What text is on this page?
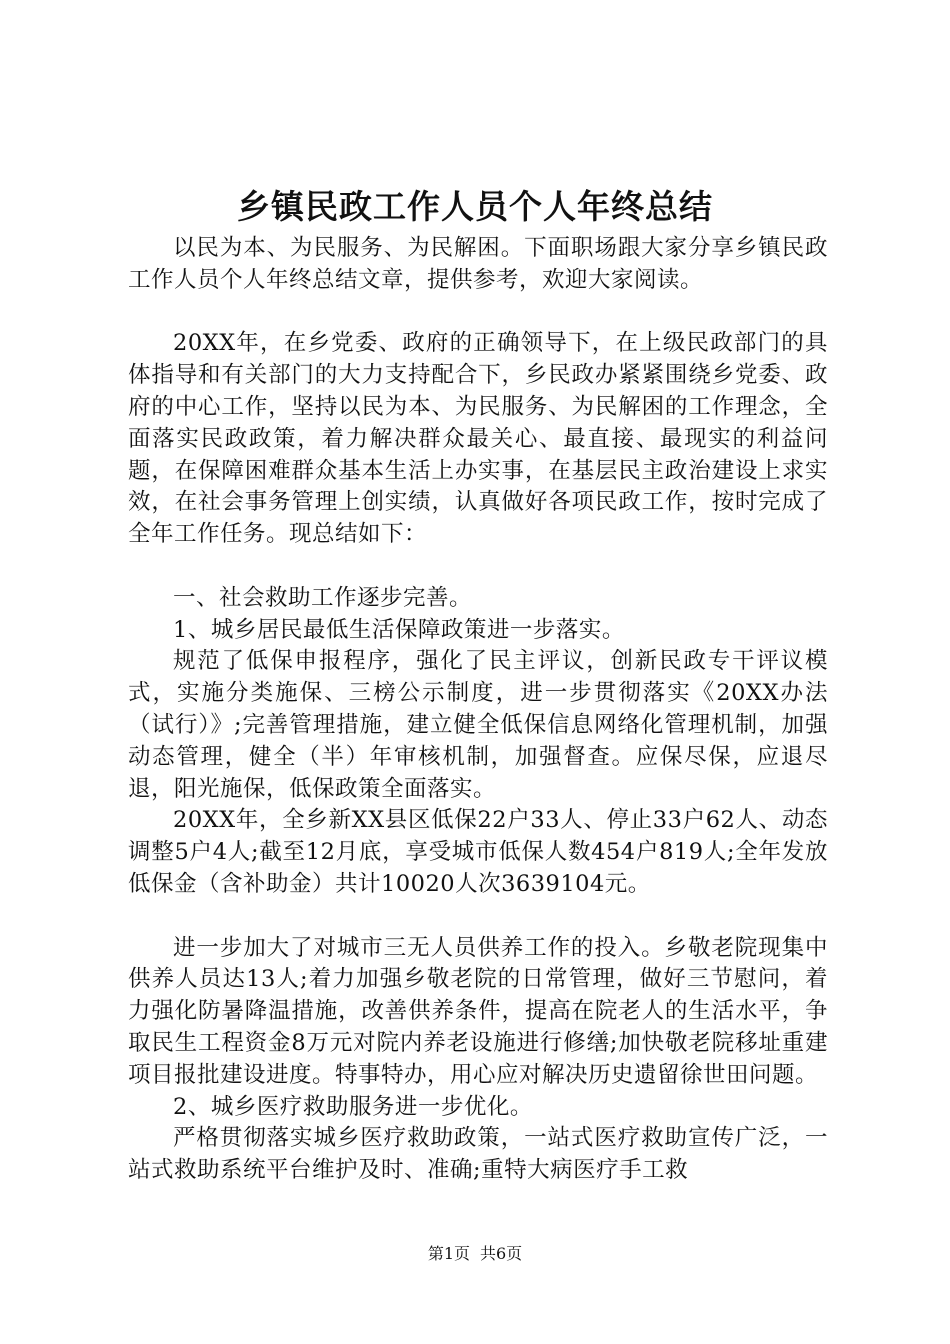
乡镇民政工作人员个人年终总结

以民为本、为民服务、为民解困。下面职场跟大家分享乡镇民政工作人员个人年终总结文章，提供参考，欢迎大家阅读。

20XX年，在乡党委、政府的正确领导下，在上级民政部门的具体指导和有关部门的大力支持配合下，乡民政办紧紧围绕乡党委、政府的中心工作，坚持以民为本、为民服务、为民解困的工作理念，全面落实民政政策，着力解决群众最关心、最直接、最现实的利益问题，在保障困难群众基本生活上办实事，在基层民主政治建设上求实效，在社会事务管理上创实绩，认真做好各项民政工作，按时完成了全年工作任务。现总结如下：

一、社会救助工作逐步完善。

1、城乡居民最低生活保障政策进一步落实。

规范了低保申报程序，强化了民主评议，创新民政专干评议模式，实施分类施保、三榜公示制度，进一步贯彻落实《20XX办法（试行）》;完善管理措施，建立健全低保信息网络化管理机制，加强动态管理，健全（半）年审核机制，加强督查。应保尽保，应退尽退，阳光施保，低保政策全面落实。

20XX年，全乡新XX县区低保22户33人、停止33户62人、动态调整5户4人;截至12月底，享受城市低保人数454户819人;全年发放低保金（含补助金）共计10020人次3639104元。

进一步加大了对城市三无人员供养工作的投入。乡敬老院现集中供养人员达13人;着力加强乡敬老院的日常管理，做好三节慰问，着力强化防暑降温措施，改善供养条件，提高在院老人的生活水平，争取民生工程资金8万元对院内养老设施进行修缮;加快敬老院移址重建项目报批建设进度。特事特办，用心应对解决历史遗留徐世田问题。

2、城乡医疗救助服务进一步优化。

严格贯彻落实城乡医疗救助政策，一站式医疗救助宣传广泛，一站式救助系统平台维护及时、准确;重特大病医疗手工救

第1页 共6页
